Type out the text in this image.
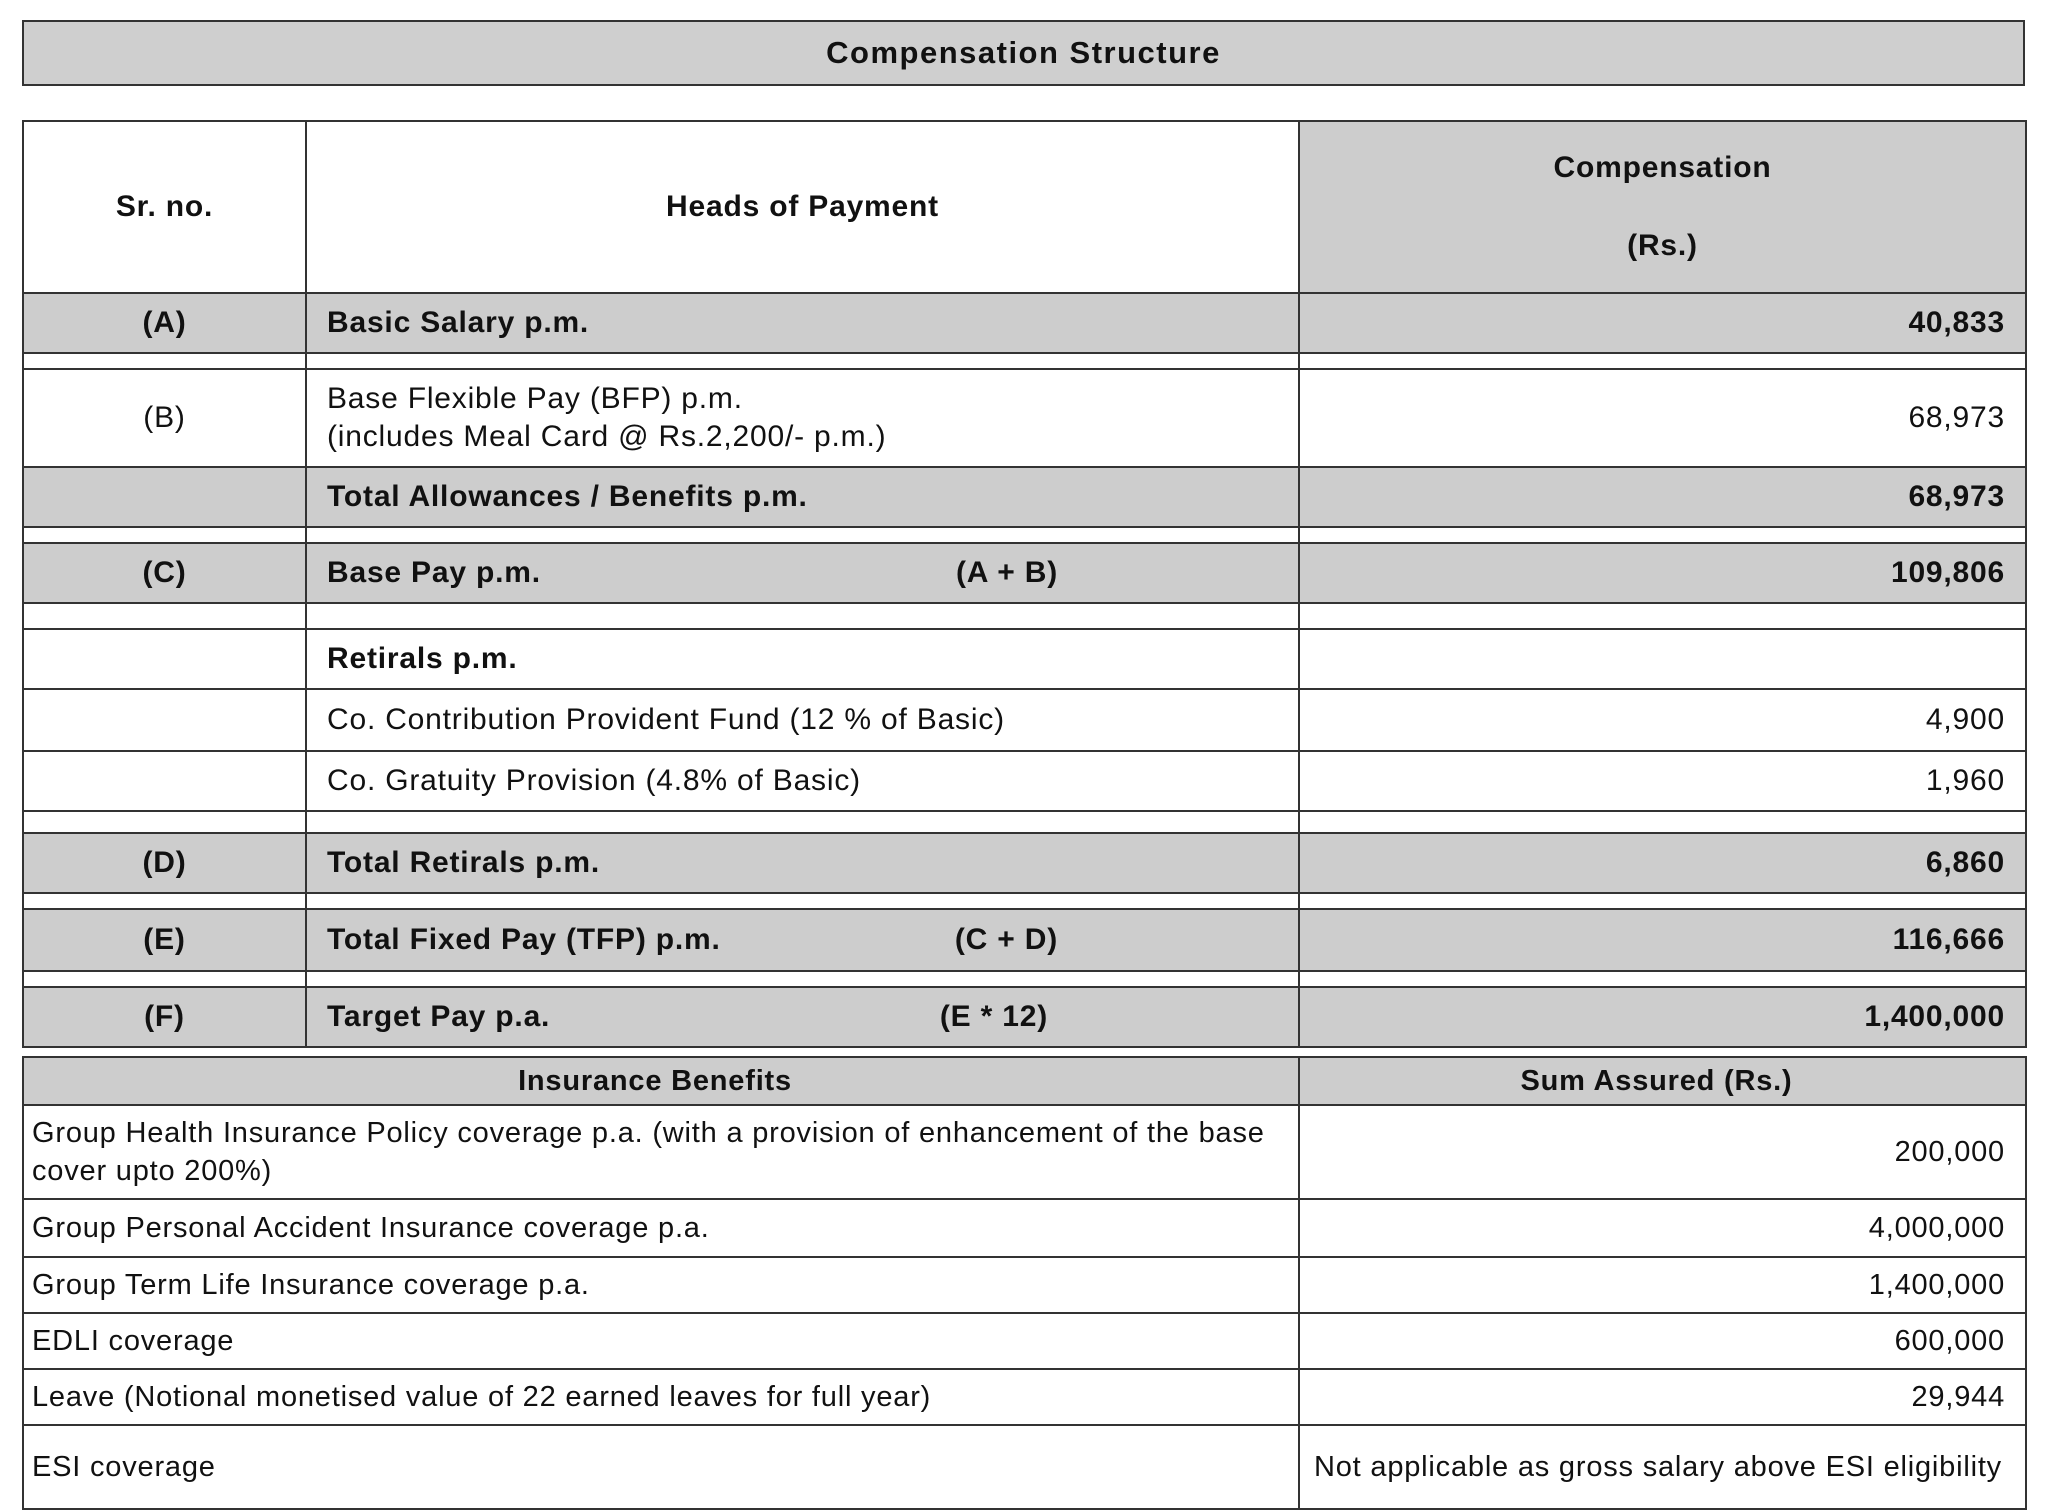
Compensation Structure
Sr. no.	Heads of Payment	Compensation
(Rs.)

(A)	Basic Salary p.m.	40,833

(B)	Base Flexible Pay (BFP) p.m.
(includes Meal Card @ Rs.2,200/- p.m.)	68,973
	Total Allowances / Benefits p.m.	68,973

(C)	Base Pay p.m. (A + B)	109,806

	Retirals p.m.	
	Co. Contribution Provident Fund (12 % of Basic)	4,900
	Co. Gratuity Provision (4.8% of Basic)	1,960

(D)	Total Retirals p.m.	6,860

(E)	Total Fixed Pay (TFP) p.m. (C + D)	116,666

(F)	Target Pay p.a. (E * 12)	1,400,000
Insurance Benefits	Sum Assured (Rs.)
Group Health Insurance Policy coverage p.a. (with a provision of enhancement of the base cover upto 200%)	200,000
Group Personal Accident Insurance coverage p.a.	4,000,000
Group Term Life Insurance coverage p.a.	1,400,000
EDLI coverage	600,000
Leave (Notional monetised value of 22 earned leaves for full year)	29,944
ESI coverage	Not applicable as gross salary above ESI eligibility
